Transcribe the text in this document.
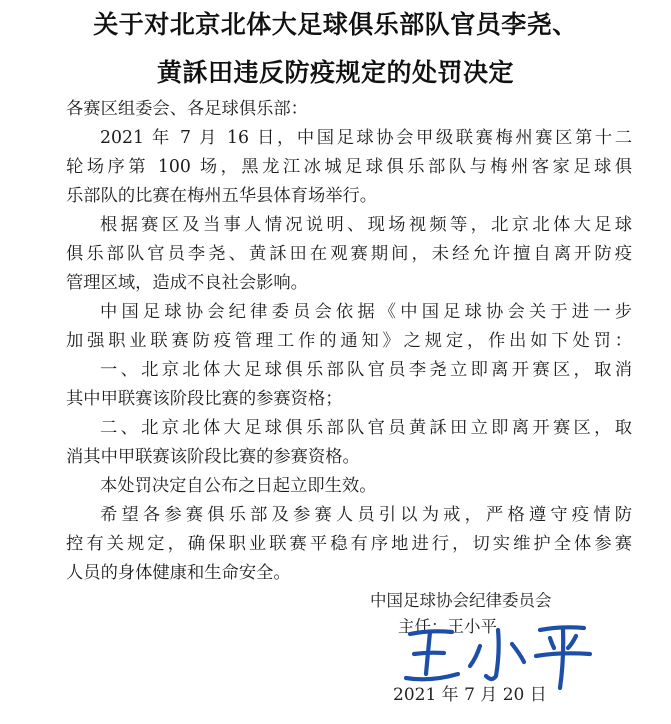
关于对北京北体大足球俱乐部队官员李尧、
黄訸田违反防疫规定的处罚决定
各赛区组委会、各足球俱乐部：
2021 年 7 月 16 日，中国足球协会甲级联赛梅州赛区第十二
轮场序第 100 场，黑龙江冰城足球俱乐部队与梅州客家足球俱
乐部队的比赛在梅州五华县体育场举行。
根据赛区及当事人情况说明、现场视频等，北京北体大足球
俱乐部队官员李尧、黄訸田在观赛期间，未经允许擅自离开防疫
管理区域，造成不良社会影响。
中国足球协会纪律委员会依据《中国足球协会关于进一步
加强职业联赛防疫管理工作的通知》之规定，作出如下处罚：
一、北京北体大足球俱乐部队官员李尧立即离开赛区，取消
其中甲联赛该阶段比赛的参赛资格；
二、北京北体大足球俱乐部队官员黄訸田立即离开赛区，取
消其中甲联赛该阶段比赛的参赛资格。
本处罚决定自公布之日起立即生效。
希望各参赛俱乐部及参赛人员引以为戒，严格遵守疫情防
控有关规定，确保职业联赛平稳有序地进行，切实维护全体参赛
人员的身体健康和生命安全。
中国足球协会纪律委员会
主任：王小平
2021 年 7 月 20 日
